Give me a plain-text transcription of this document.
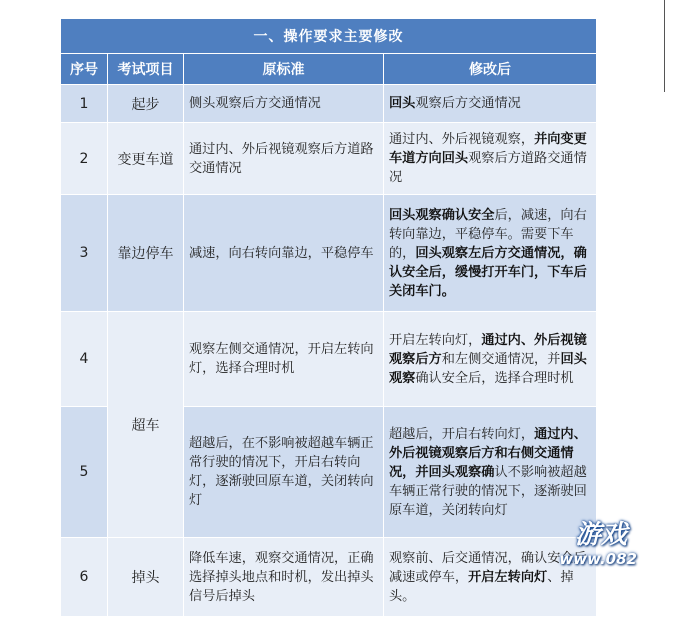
一、操作要求主要修改			
序号	考试项目	原标准	修改后
1	起步	侧头观察后方交通情况	回头观察后方交通情况
2	变更车道	通过内、外后视镜观察后方道路交通情况	通过内、外后视镜观察，并向变更车道方向回头观察后方道路交通情况
3	靠边停车	减速，向右转向靠边，平稳停车	回头观察确认安全后，减速，向右转向靠边，平稳停车。需要下车的，回头观察左后方交通情况，确认安全后，缓慢打开车门，下车后关闭车门。
4	超车	观察左侧交通情况，开启左转向灯，选择合理时机	开启左转向灯，通过内、外后视镜观察后方和左侧交通情况，并回头观察确认安全后，选择合理时机
5		超越后，在不影响被超越车辆正常行驶的情况下，开启右转向灯，逐渐驶回原车道，关闭转向灯	超越后，开启右转向灯，通过内、外后视镜观察后方和右侧交通情况，并回头观察确认不影响被超越车辆正常行驶的情况下，逐渐驶回原车道，关闭转向灯
6	掉头	降低车速，观察交通情况，正确选择掉头地点和时机，发出掉头信号后掉头	观察前、后交通情况，确认安全后减速或停车，开启左转向灯、掉头。
游戏
www.082
